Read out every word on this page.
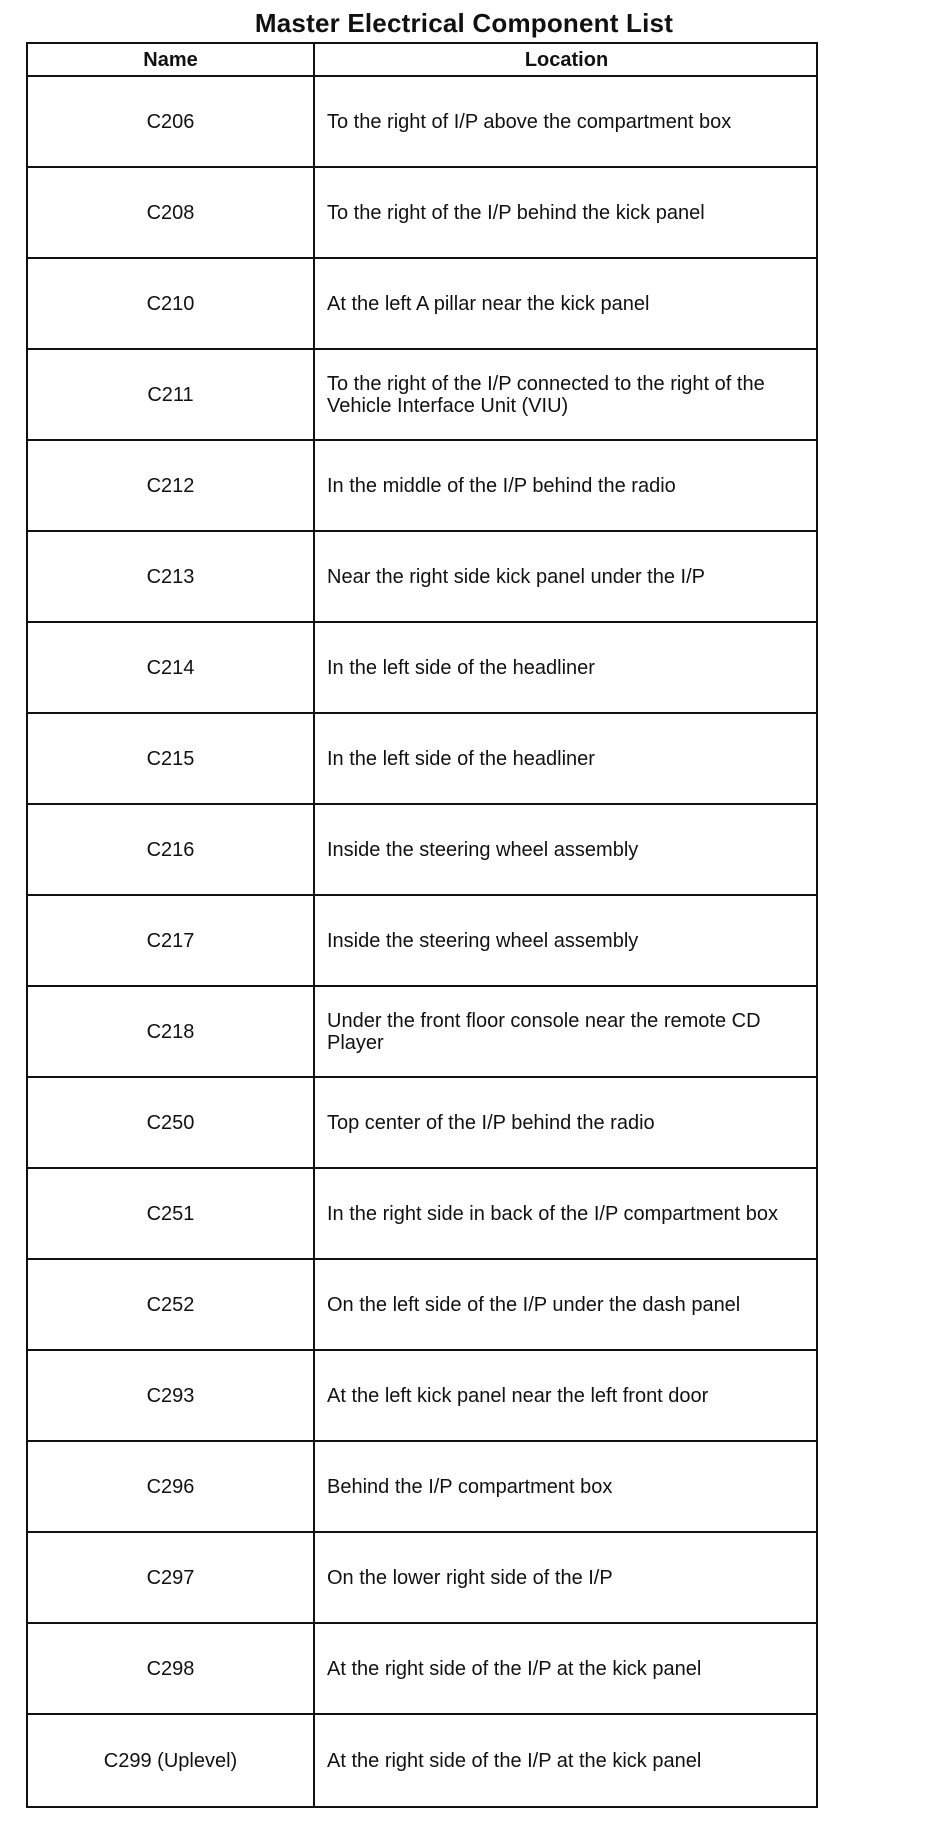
Master Electrical Component List
Name	Location
C206	To the right of I/P above the compartment box
C208	To the right of the I/P behind the kick panel
C210	At the left A pillar near the kick panel
C211	To the right of the I/P connected to the right of the Vehicle Interface Unit (VIU)
C212	In the middle of the I/P behind the radio
C213	Near the right side kick panel under the I/P
C214	In the left side of the headliner
C215	In the left side of the headliner
C216	Inside the steering wheel assembly
C217	Inside the steering wheel assembly
C218	Under the front floor console near the remote CD Player
C250	Top center of the I/P behind the radio
C251	In the right side in back of the I/P compartment box
C252	On the left side of the I/P under the dash panel
C293	At the left kick panel near the left front door
C296	Behind the I/P compartment box
C297	On the lower right side of the I/P
C298	At the right side of the I/P at the kick panel
C299 (Uplevel)	At the right side of the I/P at the kick panel
